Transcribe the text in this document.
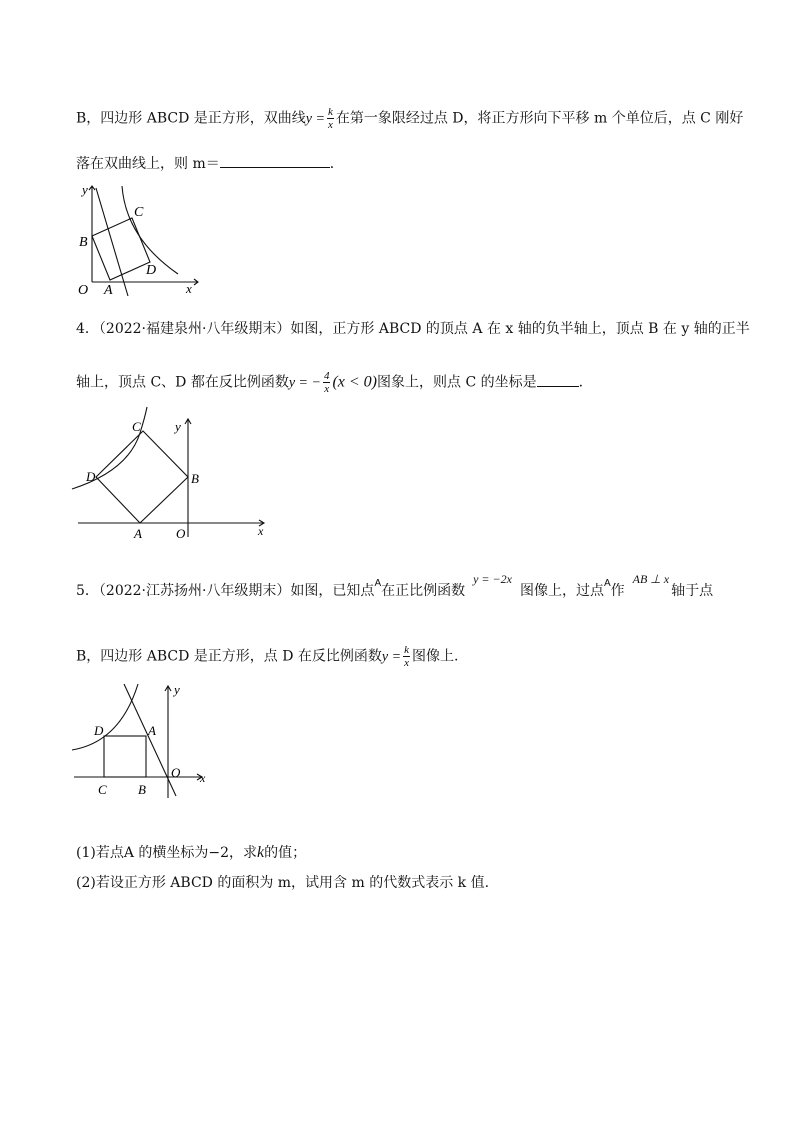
B，四边形 ABCD 是正方形，双曲线$y = \frac{k}{x}$ 在第一象限经过点 D，将正方形向下平移 m 个单位后，点 C 刚好
落在双曲线上，则 m＝	．
y
C
B
D
O A	x
4．（2022·福建泉州·八年级期末）如图，正方形 ABCD 的顶点 A 在 x 轴的负半轴上，顶点 B 在 y 轴的正半
轴上，顶点 C、D 都在反比例函数y = − $\frac{4}{x} (x < 0)$图象上，则点 C 的坐标是	.
C	y
D	B
A	O	x
5．（2022·江苏扬州·八年级期末）如图，已知点$^A$在正比例函数y = −2x图像上，过点$^A$作AB ⊥ x轴于点
B，四边形 ABCD 是正方形，点 D 在反比例函数$y = \frac{k}{x}$ 图像上.
y
D	A
O x
C B
(1)若点A 的横坐标为−2，求k的值；
(2)若设正方形 ABCD 的面积为 m，试用含 m 的代数式表示 k 值.
